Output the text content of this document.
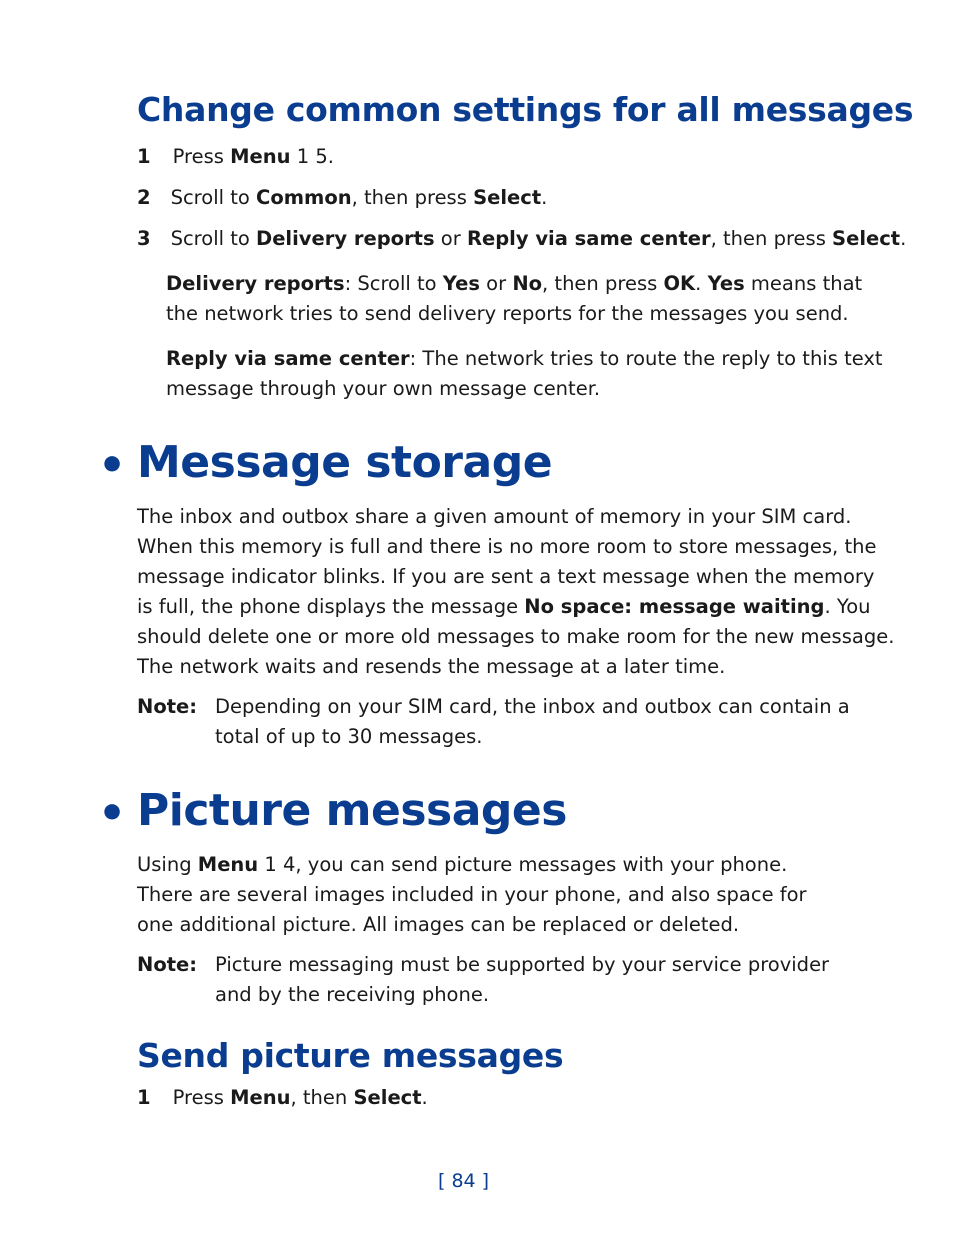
Change common settings for all messages
1 Press Menu 1 5.
2 Scroll to Common, then press Select.
3 Scroll to Delivery reports or Reply via same center, then press Select.
Delivery reports: Scroll to Yes or No, then press OK. Yes means that
the network tries to send delivery reports for the messages you send.
Reply via same center: The network tries to route the reply to this text
message through your own message center.
• Message storage
The inbox and outbox share a given amount of memory in your SIM card.
When this memory is full and there is no more room to store messages, the
message indicator blinks. If you are sent a text message when the memory
is full, the phone displays the message No space: message waiting. You
should delete one or more old messages to make room for the new message.
The network waits and resends the message at a later time.
Note: Depending on your SIM card, the inbox and outbox can contain a
total of up to 30 messages.
• Picture messages
Using Menu 1 4, you can send picture messages with your phone.
There are several images included in your phone, and also space for
one additional picture. All images can be replaced or deleted.
Note: Picture messaging must be supported by your service provider
and by the receiving phone.
Send picture messages
1 Press Menu, then Select.
[ 84 ]
